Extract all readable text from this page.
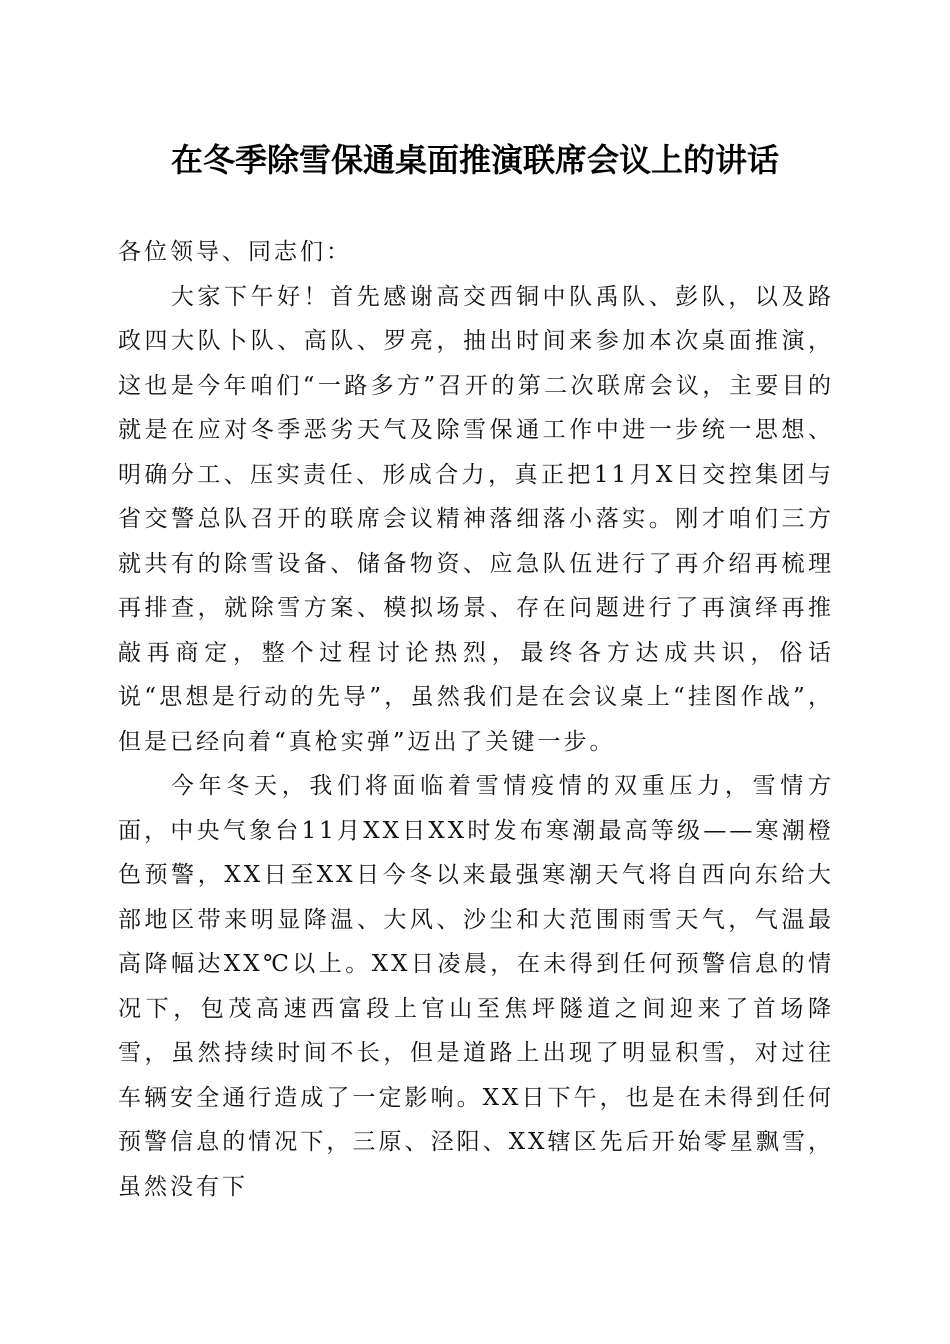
在冬季除雪保通桌面推演联席会议上的讲话

各位领导、同志们：

大家下午好！首先感谢高交西铜中队禹队、彭队，以及路政四大队卜队、高队、罗亮，抽出时间来参加本次桌面推演，这也是今年咱们“一路多方”召开的第二次联席会议，主要目的就是在应对冬季恶劣天气及除雪保通工作中进一步统一思想、明确分工、压实责任、形成合力，真正把11月X日交控集团与省交警总队召开的联席会议精神落细落小落实。刚才咱们三方就共有的除雪设备、储备物资、应急队伍进行了再介绍再梳理再排查，就除雪方案、模拟场景、存在问题进行了再演绎再推敲再商定，整个过程讨论热烈，最终各方达成共识，俗话说“思想是行动的先导”，虽然我们是在会议桌上“挂图作战”，但是已经向着“真枪实弹”迈出了关键一步。

今年冬天，我们将面临着雪情疫情的双重压力，雪情方面，中央气象台11月XX日XX时发布寒潮最高等级——寒潮橙色预警，XX日至XX日今冬以来最强寒潮天气将自西向东给大部地区带来明显降温、大风、沙尘和大范围雨雪天气，气温最高降幅达XX℃以上。XX日凌晨，在未得到任何预警信息的情况下，包茂高速西富段上官山至焦坪隧道之间迎来了首场降雪，虽然持续时间不长，但是道路上出现了明显积雪，对过往车辆安全通行造成了一定影响。XX日下午，也是在未得到任何预警信息的情况下，三原、泾阳、XX辖区先后开始零星飘雪，虽然没有下
